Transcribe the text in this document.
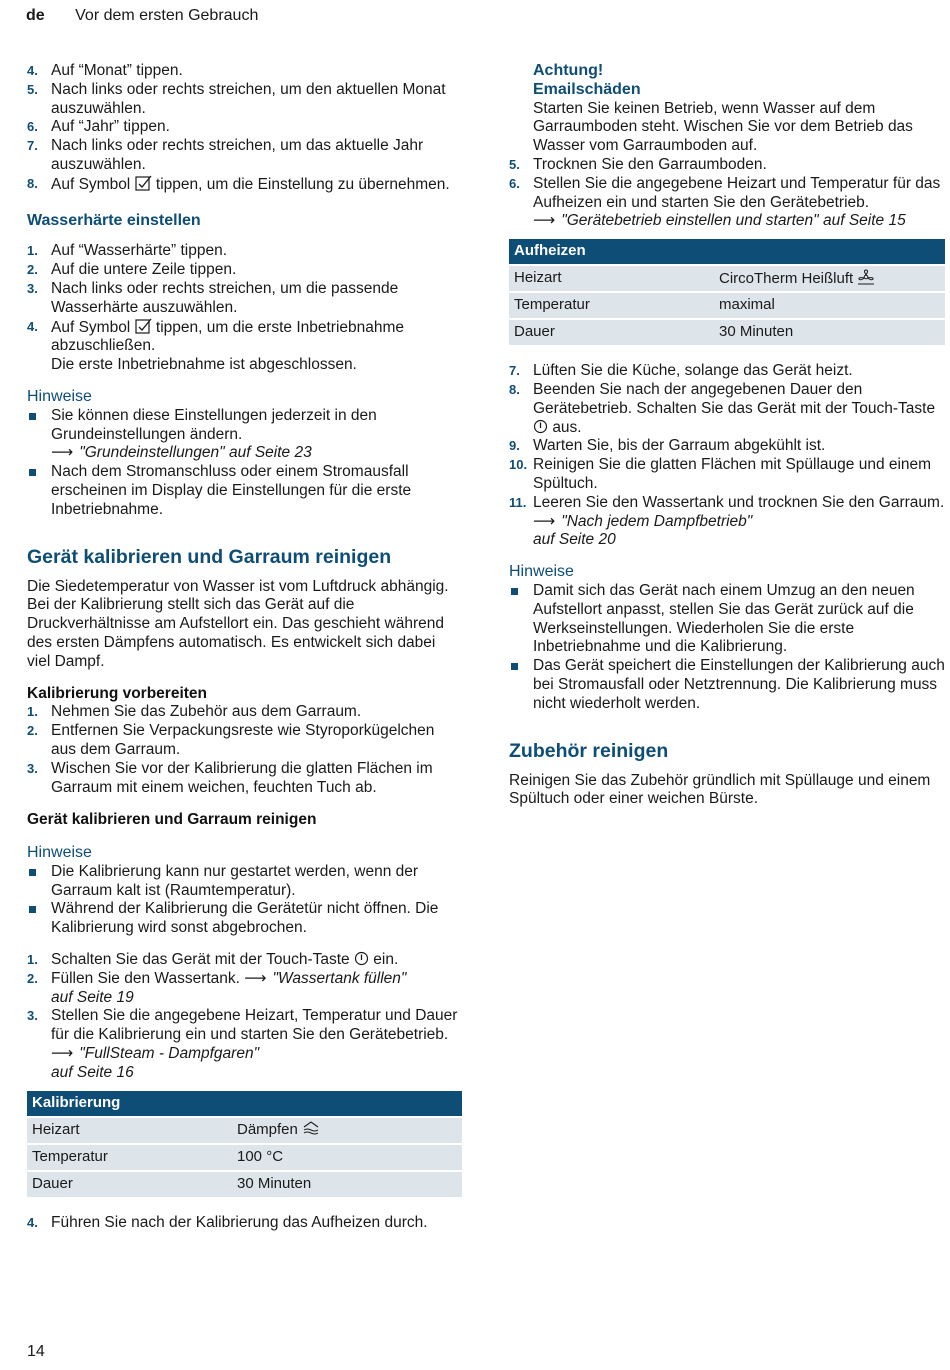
de Vor dem ersten Gebrauch
4. Auf “Monat” tippen.
5. Nach links oder rechts streichen, um den aktuellen Monat auszuwählen.
6. Auf “Jahr” tippen.
7. Nach links oder rechts streichen, um das aktuelle Jahr auszuwählen.
8. Auf Symbol tippen, um die Einstellung zu übernehmen.
Wasserhärte einstellen
1. Auf “Wasserhärte” tippen.
2. Auf die untere Zeile tippen.
3. Nach links oder rechts streichen, um die passende Wasserhärte auszuwählen.
4. Auf Symbol tippen, um die erste Inbetriebnahme abzuschließen.
Die erste Inbetriebnahme ist abgeschlossen.
Hinweise
Sie können diese Einstellungen jederzeit in den Grundeinstellungen ändern.
⟶ "Grundeinstellungen" auf Seite 23
Nach dem Stromanschluss oder einem Stromausfall erscheinen im Display die Einstellungen für die erste Inbetriebnahme.
Gerät kalibrieren und Garraum reinigen
Die Siedetemperatur von Wasser ist vom Luftdruck abhängig. Bei der Kalibrierung stellt sich das Gerät auf die Druckverhältnisse am Aufstellort ein. Das geschieht während des ersten Dämpfens automatisch. Es entwickelt sich dabei viel Dampf.
Kalibrierung vorbereiten
1. Nehmen Sie das Zubehör aus dem Garraum.
2. Entfernen Sie Verpackungsreste wie Styroporkügelchen aus dem Garraum.
3. Wischen Sie vor der Kalibrierung die glatten Flächen im Garraum mit einem weichen, feuchten Tuch ab.
Gerät kalibrieren und Garraum reinigen
Hinweise
Die Kalibrierung kann nur gestartet werden, wenn der Garraum kalt ist (Raumtemperatur).
Während der Kalibrierung die Gerätetür nicht öffnen. Die Kalibrierung wird sonst abgebrochen.
1. Schalten Sie das Gerät mit der Touch-Taste ein.
2. Füllen Sie den Wassertank. ⟶ "Wassertank füllen"
auf Seite 19
3. Stellen Sie die angegebene Heizart, Temperatur und Dauer für die Kalibrierung ein und starten Sie den Gerätebetrieb. ⟶ "FullSteam - Dampfgaren"
auf Seite 16
Kalibrierung	
Heizart	Dämpfen
Temperatur	100 °C
Dauer	30 Minuten
4. Führen Sie nach der Kalibrierung das Aufheizen durch.
Achtung!
Emailschäden
Starten Sie keinen Betrieb, wenn Wasser auf dem Garraumboden steht. Wischen Sie vor dem Betrieb das Wasser vom Garraumboden auf.
5. Trocknen Sie den Garraumboden.
6. Stellen Sie die angegebene Heizart und Temperatur für das Aufheizen ein und starten Sie den Gerätebetrieb. ⟶ "Gerätebetrieb einstellen und starten" auf Seite 15
Aufheizen	
Heizart	CircoTherm Heißluft
Temperatur	maximal
Dauer	30 Minuten
7. Lüften Sie die Küche, solange das Gerät heizt.
8. Beenden Sie nach der angegebenen Dauer den Gerätebetrieb. Schalten Sie das Gerät mit der Touch-Taste  aus.
9. Warten Sie, bis der Garraum abgekühlt ist.
10. Reinigen Sie die glatten Flächen mit Spüllauge und einem Spültuch.
11. Leeren Sie den Wassertank und trocknen Sie den Garraum. ⟶ "Nach jedem Dampfbetrieb"
auf Seite 20
Hinweise
Damit sich das Gerät nach einem Umzug an den neuen Aufstellort anpasst, stellen Sie das Gerät zurück auf die Werkseinstellungen. Wiederholen Sie die erste Inbetriebnahme und die Kalibrierung.
Das Gerät speichert die Einstellungen der Kalibrierung auch bei Stromausfall oder Netztrennung. Die Kalibrierung muss nicht wiederholt werden.
Zubehör reinigen
Reinigen Sie das Zubehör gründlich mit Spüllauge und einem Spültuch oder einer weichen Bürste.
14
